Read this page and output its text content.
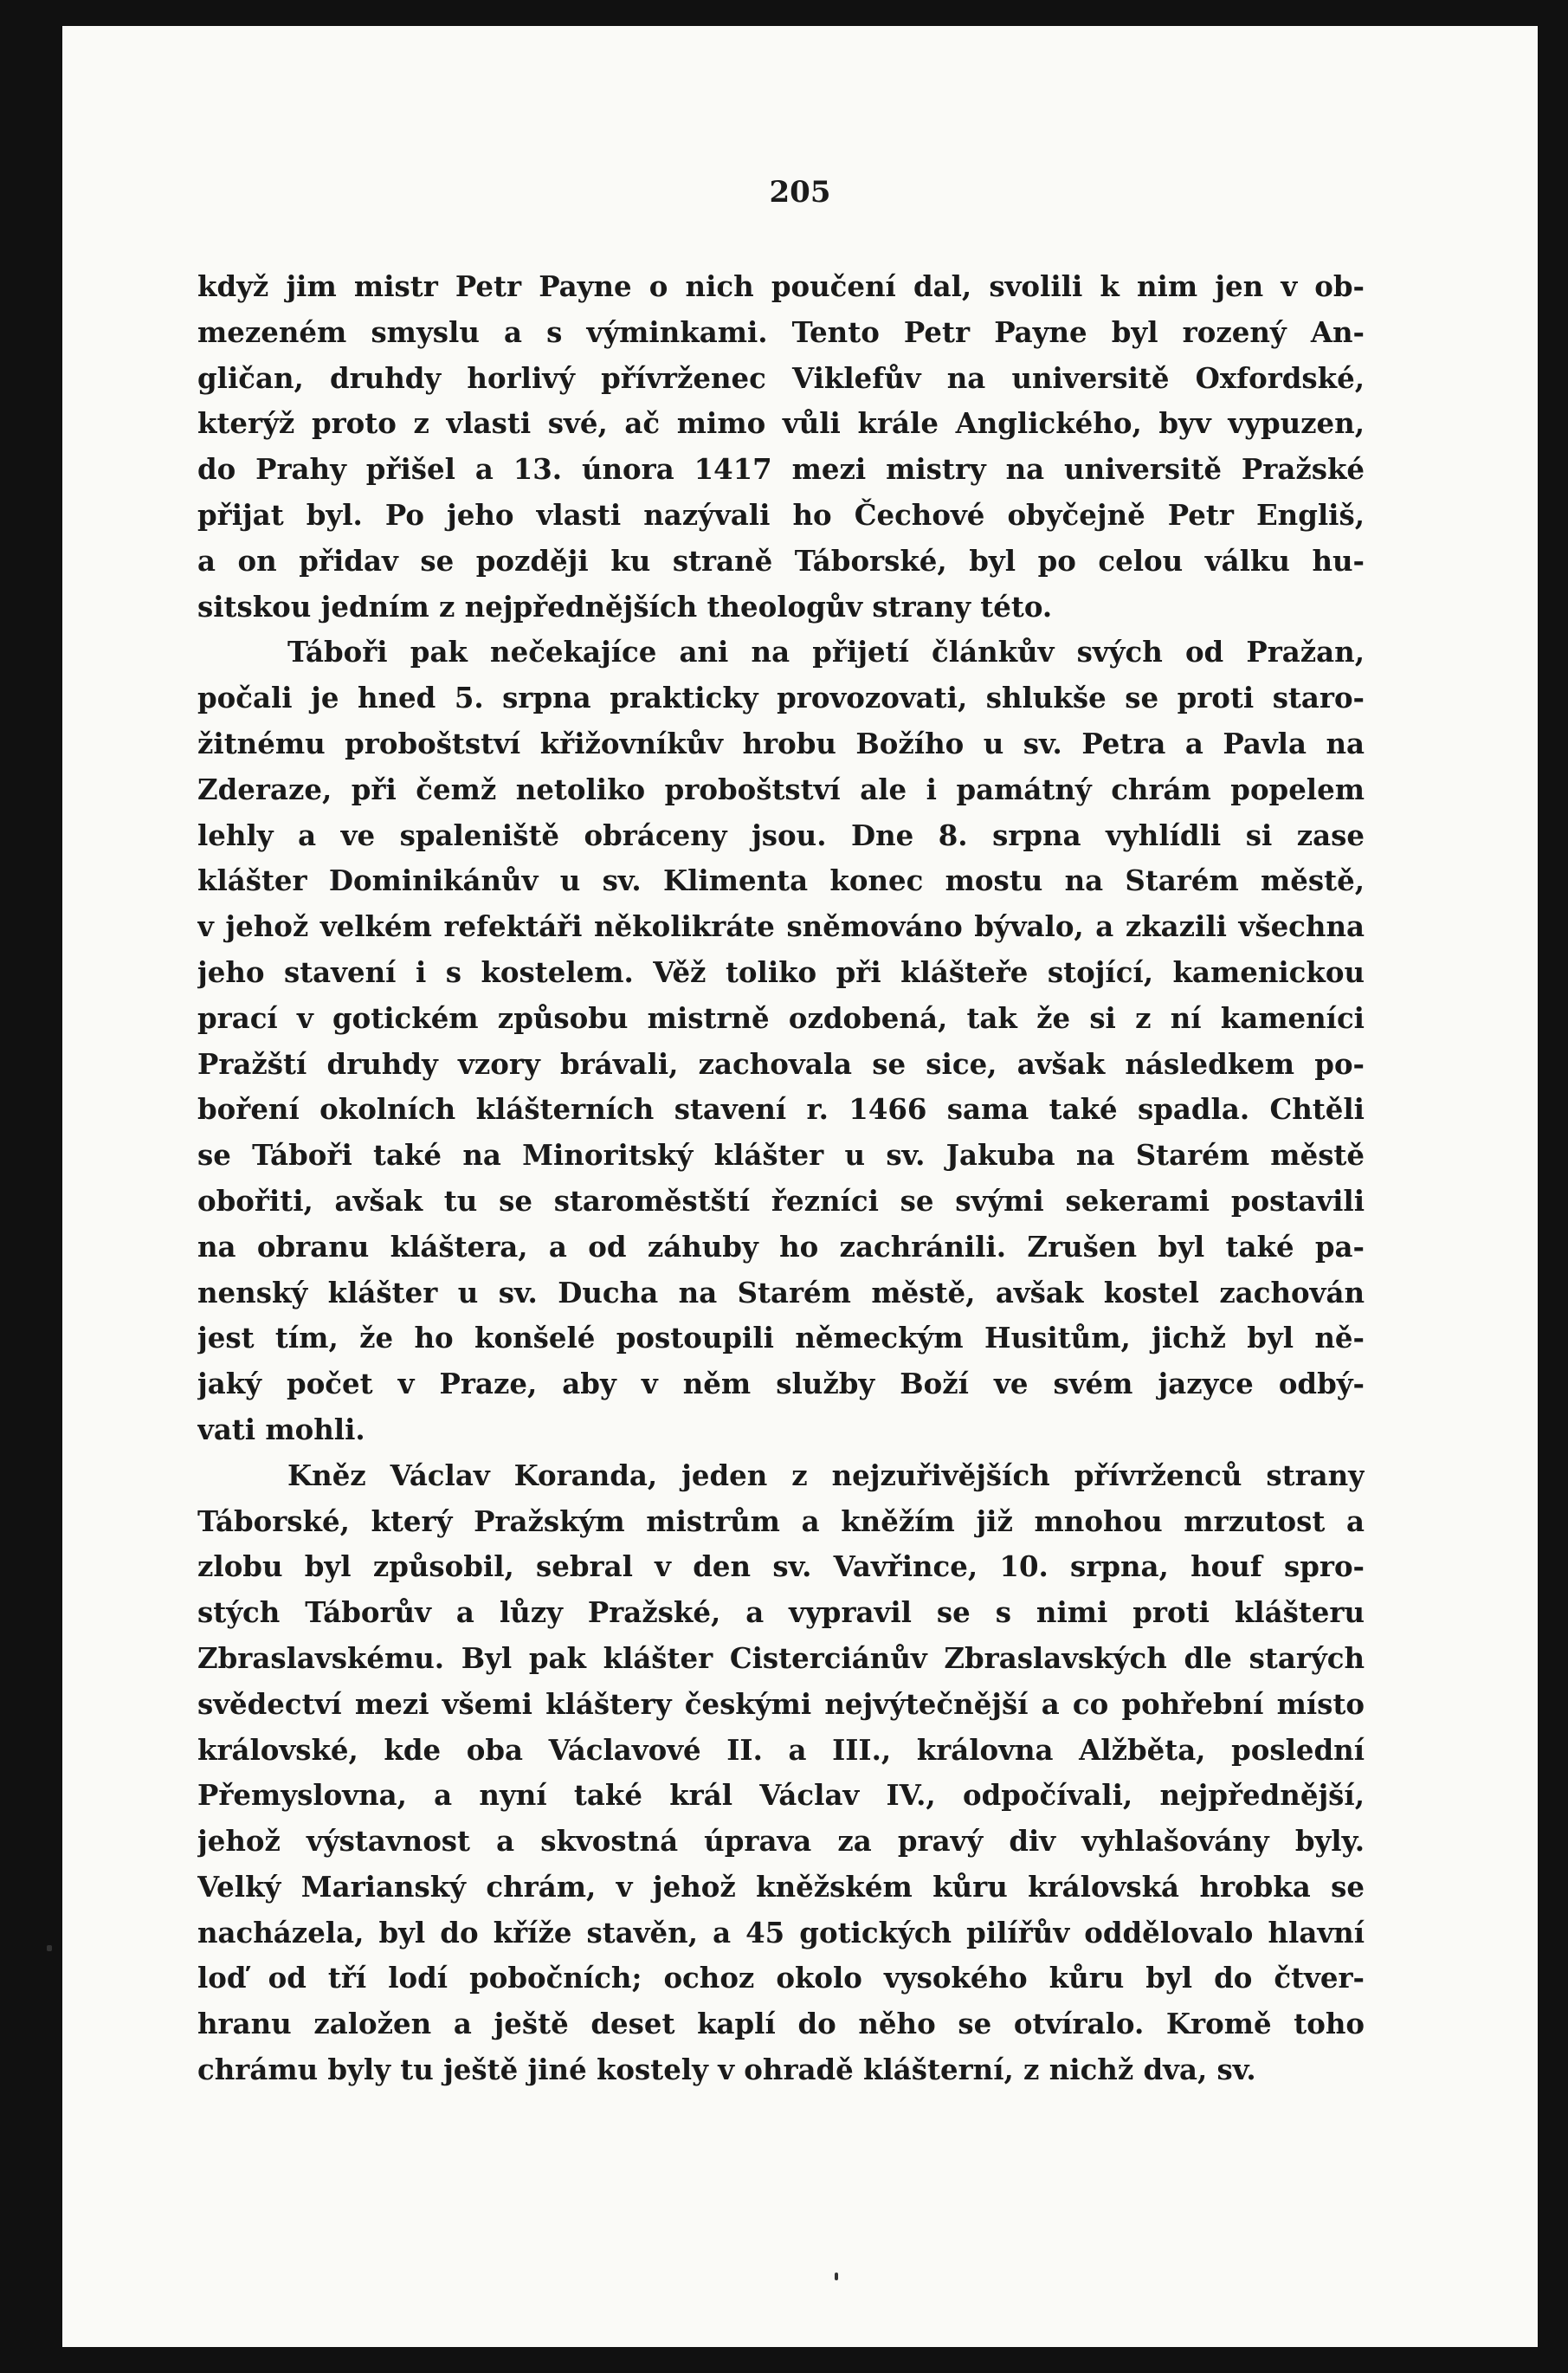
205
když jim mistr Petr Payne o nich poučení dal, svolili k nim jen v ob-
mezeném smyslu a s výminkami. Tento Petr Payne byl rozený An-
gličan, druhdy horlivý přívrženec Viklefův na universitě Oxfordské,
kterýž proto z vlasti své, ač mimo vůli krále Anglického, byv vypuzen,
do Prahy přišel a 13. února 1417 mezi mistry na universitě Pražské
přijat byl. Po jeho vlasti nazývali ho Čechové obyčejně Petr Engliš,
a on přidav se později ku straně Táborské, byl po celou válku hu-
sitskou jedním z nejpřednějších theologův strany této.
Táboři pak nečekajíce ani na přijetí článkův svých od Pražan,
počali je hned 5. srpna prakticky provozovati, shlukše se proti staro-
žitnému proboštství křižovníkův hrobu Božího u sv. Petra a Pavla na
Zderaze, při čemž netoliko proboštství ale i památný chrám popelem
lehly a ve spaleniště obráceny jsou. Dne 8. srpna vyhlídli si zase
klášter Dominikánův u sv. Klimenta konec mostu na Starém městě,
v jehož velkém refektáři několikráte sněmováno bývalo, a zkazili všechna
jeho stavení i s kostelem. Věž toliko při klášteře stojící, kamenickou
prací v gotickém způsobu mistrně ozdobená, tak že si z ní kameníci
Pražští druhdy vzory brávali, zachovala se sice, avšak následkem po-
boření okolních klášterních stavení r. 1466 sama také spadla. Chtěli
se Táboři také na Minoritský klášter u sv. Jakuba na Starém městě
obořiti, avšak tu se staroměstští řezníci se svými sekerami postavili
na obranu kláštera, a od záhuby ho zachránili. Zrušen byl také pa-
nenský klášter u sv. Ducha na Starém městě, avšak kostel zachován
jest tím, že ho konšelé postoupili německým Husitům, jichž byl ně-
jaký počet v Praze, aby v něm služby Boží ve svém jazyce odbý-
vati mohli.
Kněz Václav Koranda, jeden z nejzuřivějších přívrženců strany
Táborské, který Pražským mistrům a kněžím již mnohou mrzutost a
zlobu byl způsobil, sebral v den sv. Vavřince, 10. srpna, houf spro-
stých Táborův a lůzy Pražské, a vypravil se s nimi proti klášteru
Zbraslavskému. Byl pak klášter Cisterciánův Zbraslavských dle starých
svědectví mezi všemi kláštery českými nejvýtečnější a co pohřební místo
královské, kde oba Václavové II. a III., královna Alžběta, poslední
Přemyslovna, a nyní také král Václav IV., odpočívali, nejpřednější,
jehož výstavnost a skvostná úprava za pravý div vyhlašovány byly.
Velký Marianský chrám, v jehož kněžském kůru královská hrobka se
nacházela, byl do kříže stavěn, a 45 gotických pilířův oddělovalo hlavní
loď od tří lodí pobočních; ochoz okolo vysokého kůru byl do čtver-
hranu založen a ještě deset kaplí do něho se otvíralo. Kromě toho
chrámu byly tu ještě jiné kostely v ohradě klášterní, z nichž dva, sv.
